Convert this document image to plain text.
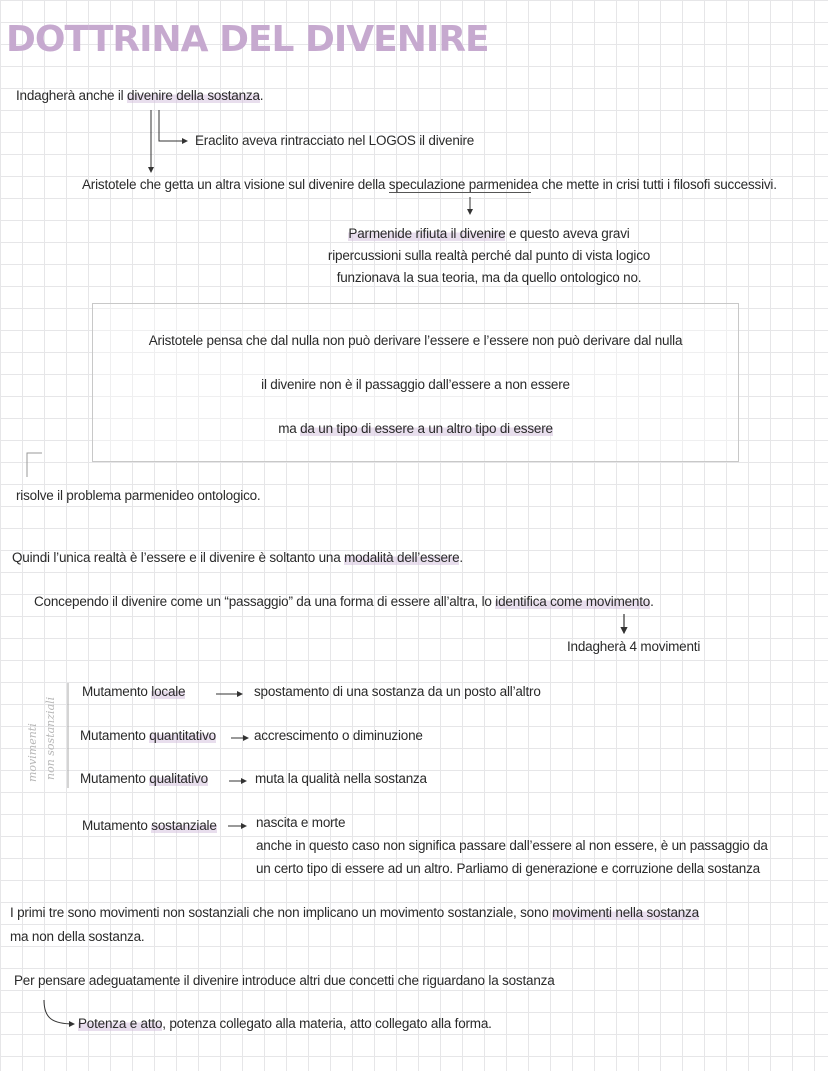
DOTTRINA DEL DIVENIRE
Indagherà anche il divenire della sostanza.
Eraclito aveva rintracciato nel LOGOS il divenire
Aristotele che getta un altra visione sul divenire della speculazione parmenidea che mette in crisi tutti i filosofi successivi.
Parmenide rifiuta il divenire e questo aveva gravi
ripercussioni sulla realtà perché dal punto di vista logico
funzionava la sua teoria, ma da quello ontologico no.
Aristotele pensa che dal nulla non può derivare l’essere e l’essere non può derivare dal nulla
il divenire non è il passaggio dall’essere a non essere
ma da un tipo di essere a un altro tipo di essere
risolve il problema parmenideo ontologico.
Quindi l’unica realtà è l’essere e il divenire è soltanto una modalità dell’essere.
Concependo il divenire come un “passaggio” da una forma di essere all’altra, lo identifica come movimento.
Indagherà 4 movimenti
movimenti non sostanziali
Mutamento locale	spostamento di una sostanza da un posto all’altro
Mutamento quantitativo	accrescimento o diminuzione
Mutamento qualitativo	muta la qualità nella sostanza
Mutamento sostanziale	nascita e morte
anche in questo caso non significa passare dall’essere al non essere, è un passaggio da
un certo tipo di essere ad un altro. Parliamo di generazione e corruzione della sostanza
I primi tre sono movimenti non sostanziali che non implicano un movimento sostanziale, sono movimenti nella sostanza
ma non della sostanza.
Per pensare adeguatamente il divenire introduce altri due concetti che riguardano la sostanza
Potenza e atto, potenza collegato alla materia, atto collegato alla forma.
